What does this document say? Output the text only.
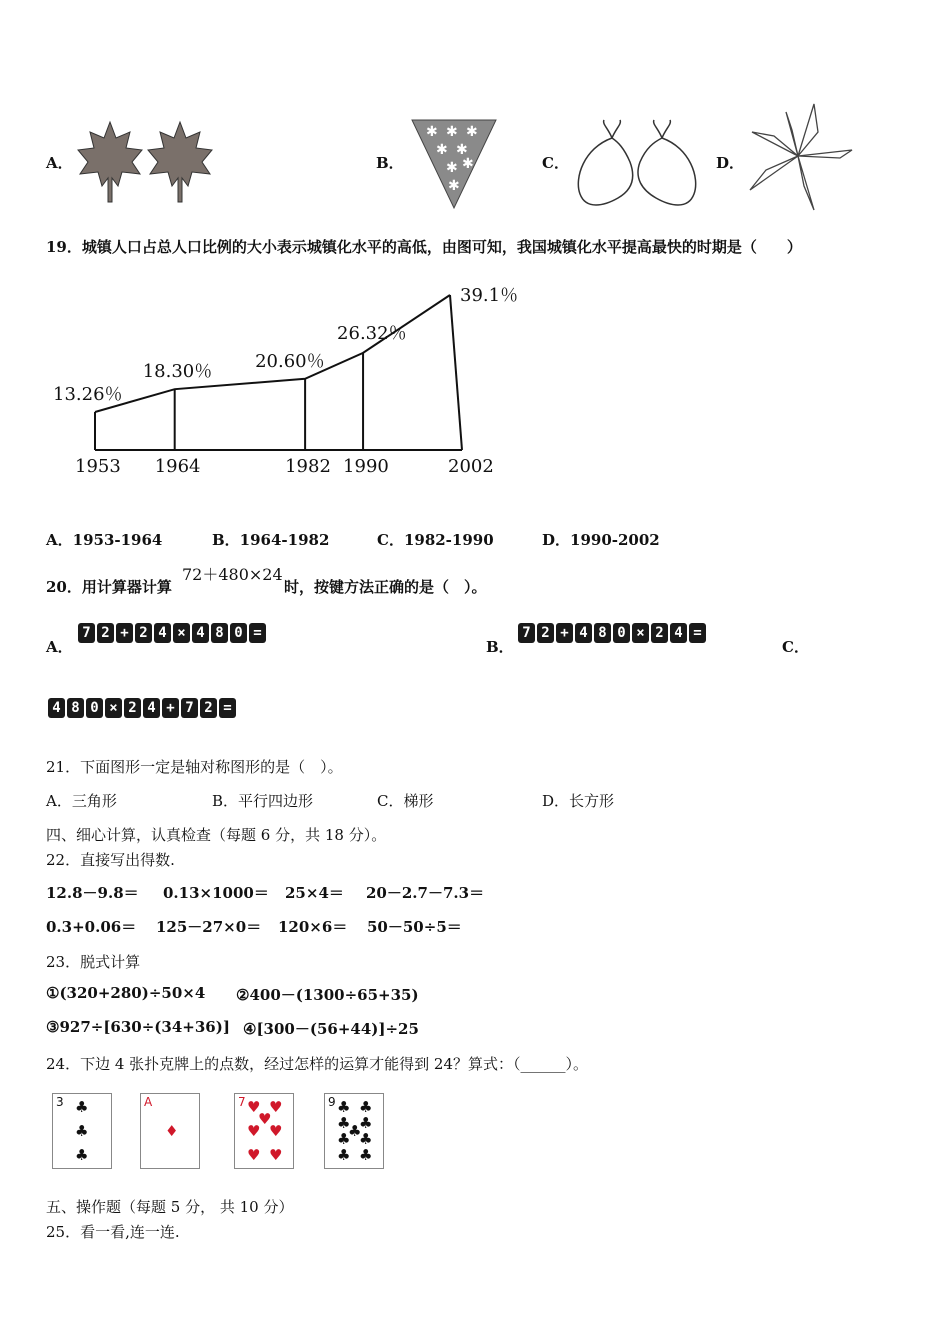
A．	B．
✱ ✱ ✱
✱ ✱
✱ ✱
✱
C．	D．
19．城镇人口占总人口比例的大小表示城镇化水平的高低，由图可知，我国城镇化水平提高最快的时期是（　　）
13.26％
18.30％ 20.60％
26.32％
39.1％
1953 1964	1982 1990	2002
A．1953-1964	B．1964-1982	C．1982-1990	D．1990-2002
20．用计算器计算
72＋480×24
时，按键方法正确的是（　）。
A．
7 2 + 2 4 × 4 8 0 =
B．
7 2 + 4 8 0 × 2 4 =
C．
4 8 0 × 2 4 + 7 2 =
21．下面图形一定是轴对称图形的是（　）。
A．三角形	B．平行四边形	C．梯形	D．长方形
四、细心计算，认真检查（每题 6 分，共 18 分）。
22．直接写出得数.
12.8－9.8＝ 0.13×1000＝ 25×4＝ 20－2.7－7.3＝
0.3+0.06＝ 125－27×0＝ 120×6＝ 50－50÷5＝
23．脱式计算
①(320+280)÷50×4 ②400－(1300÷65+35)
③927÷[630÷(34+36)] ④[300－(56+44)]÷25
24．下边 4 张扑克牌上的点数，经过怎样的运算才能得到 24？算式：（______）。
3 ♣
♣
♣
A
♦
7 ♥ ♥
♥
♥ ♥
♥ ♥
9 ♣ ♣
♣ ♣
♣
♣ ♣
♣ ♣
五、操作题（每题 5 分， 共 10 分）
25．看一看,连一连.
